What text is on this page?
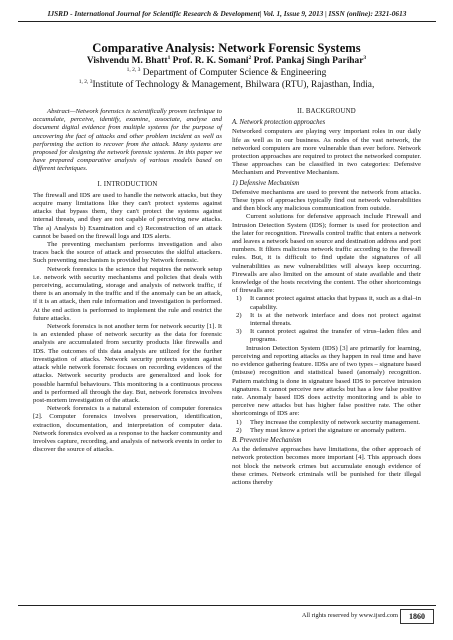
IJSRD - International Journal for Scientific Research & Development| Vol. 1, Issue 9, 2013 | ISSN (online): 2321-0613
Comparative Analysis: Network Forensic Systems
Vishvendu M. Bhatt$^1$ Prof. R. K. Somani$^2$ Prof. Pankaj Singh Parihar$^3$
$^{1, 2, 3}$ Department of Computer Science & Engineering
$^{1, 2, 3}$Institute of Technology & Management, Bhilwara (RTU), Rajasthan, India,

Abstract—Network forensics is scientifically proven technique to accumulate, perceive, identify, examine, associate, analyse and document digital evidence from multiple systems for the purpose of uncovering the fact of attacks and other problem incident as well as performing the action to recover from the attack. Many systems are proposed for designing the network forensic systems. In this paper we have prepared comparative analysis of various models based on different techniques.

I. INTRODUCTION

The firewall and IDS are used to handle the network attacks, but they acquire many limitations like they can't protect systems against attacks that bypass them, they can't protect the systems against internal threats, and they are not capable of perceiving new attacks. The a) Analysis b) Examination and c) Reconstruction of an attack cannot be based on the firewall logs and IDS alerts.

The preventing mechanism performs investigation and also traces back the source of attack and prosecutes the skilful attackers. Such preventing mechanism is provided by Network forensic.

Network forensics is the science that requires the network setup i.e. network with security mechanisms and policies that deals with perceiving, accumulating, storage and analysis of network traffic, if there is an anomaly in the traffic and if the anomaly can be an attack, if it is an attack, then rule information and investigation is performed. At the end action is performed to implement the rule and restrict the future attacks.

Network forensics is not another term for network security [1]. It is an extended phase of network security as the data for forensic analysis are accumulated from security products like firewalls and IDS. The outcomes of this data analysis are utilized for the further investigation of attacks. Network security protects system against attack while network forensic focuses on recording evidences of the attacks. Network security products are generalized and look for possible harmful behaviours. This monitoring is a continuous process and is performed all through the day. But, network forensics involves post-mortem investigation of the attack.

Network forensics is a natural extension of computer forensics [2]. Computer forensics involves preservation, identification, extraction, documentation, and interpretation of computer data. Network forensics evolved as a response to the hacker community and involves capture, recording, and analysis of network events in order to discover the source of attacks.

II. BACKGROUND
A. Network protection approaches

Networked computers are playing very important roles in our daily life as well as in our business. As nodes of the vast network, the networked computers are more vulnerable than ever before. Network protection approaches are required to protect the networked computer. These approaches can be classified in two categories: Defensive Mechanism and Preventive Mechanism.

1) Defensive Mechanism

Defensive mechanisms are used to prevent the network from attacks. These types of approaches typically find out network vulnerabilities and then block any malicious communication from outside.

Current solutions for defensive approach include Firewall and Intrusion Detection System (IDS); former is used for protection and the later for recognition. Firewalls control traffic that enters a network and leaves a network based on source and destination address and port numbers. It filters malicious network traffic according to the firewall rules. But, it is difficult to find update the signatures of all vulnerabilities as new vulnerabilities will always keep occurring. Firewalls are also limited on the amount of state available and their knowledge of the hosts receiving the content. The other shortcomings of firewalls are:

1) It cannot protect against attacks that bypass it, such as a dial–in capability.
2) It is at the network interface and does not protect against internal threats.
3) It cannot protect against the transfer of virus–laden files and programs.

Intrusion Detection System (IDS) [3] are primarily for learning, perceiving and reporting attacks as they happen in real time and have no evidence gathering feature. IDSs are of two types – signature based (misuse) recognition and statistical based (anomaly) recognition. Pattern matching is done in signature based IDS to perceive intrusion signatures. It cannot perceive new attacks but has a low false positive rate. Anomaly based IDS does activity monitoring and is able to perceive new attacks but has higher false positive rate. The other shortcomings of IDS are:

1) They increase the complexity of network security management.
2) They must know a priori the signature or anomaly pattern.
B. Preventive Mechanism

As the defensive approaches have limitations, the other approach of network protection becomes more important [4]. This approach does not block the network crimes but accumulate enough evidence of these crimes. Network criminals will be punished for their illegal actions thereby

All rights reserved by www.ijsrd.com	1860
